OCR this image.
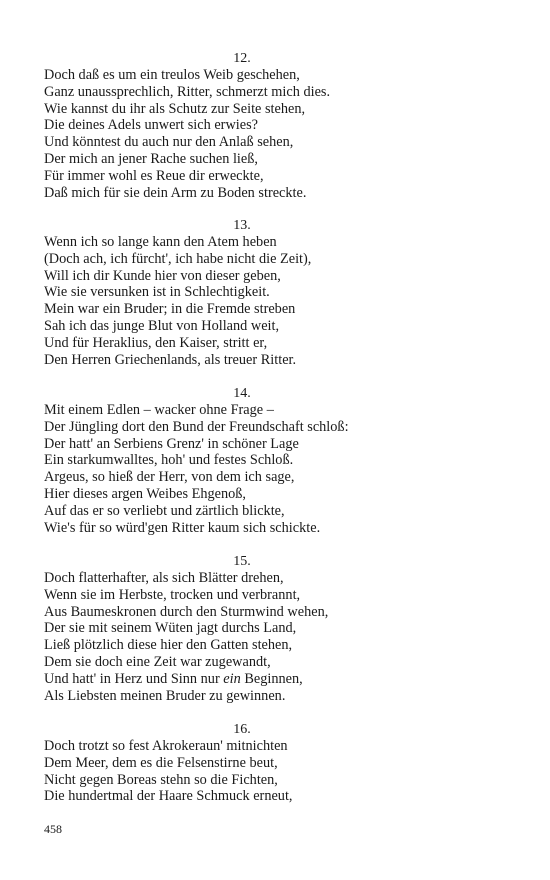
12.
Doch daß es um ein treulos Weib geschehen,
Ganz unaussprechlich, Ritter, schmerzt mich dies.
Wie kannst du ihr als Schutz zur Seite stehen,
Die deines Adels unwert sich erwies?
Und könntest du auch nur den Anlaß sehen,
Der mich an jener Rache suchen ließ,
Für immer wohl es Reue dir erweckte,
Daß mich für sie dein Arm zu Boden streckte.
13.
Wenn ich so lange kann den Atem heben
(Doch ach, ich fürcht', ich habe nicht die Zeit),
Will ich dir Kunde hier von dieser geben,
Wie sie versunken ist in Schlechtigkeit.
Mein war ein Bruder; in die Fremde streben
Sah ich das junge Blut von Holland weit,
Und für Heraklius, den Kaiser, stritt er,
Den Herren Griechenlands, als treuer Ritter.
14.
Mit einem Edlen – wacker ohne Frage –
Der Jüngling dort den Bund der Freundschaft schloß:
Der hatt' an Serbiens Grenz' in schöner Lage
Ein starkumwalltes, hoh' und festes Schloß.
Argeus, so hieß der Herr, von dem ich sage,
Hier dieses argen Weibes Ehgenoß,
Auf das er so verliebt und zärtlich blickte,
Wie's für so würd'gen Ritter kaum sich schickte.
15.
Doch flatterhafter, als sich Blätter drehen,
Wenn sie im Herbste, trocken und verbrannt,
Aus Baumeskronen durch den Sturmwind wehen,
Der sie mit seinem Wüten jagt durchs Land,
Ließ plötzlich diese hier den Gatten stehen,
Dem sie doch eine Zeit war zugewandt,
Und hatt' in Herz und Sinn nur ein Beginnen,
Als Liebsten meinen Bruder zu gewinnen.
16.
Doch trotzt so fest Akrokeraun' mitnichten
Dem Meer, dem es die Felsenstirne beut,
Nicht gegen Boreas stehn so die Fichten,
Die hundertmal der Haare Schmuck erneut,
458
